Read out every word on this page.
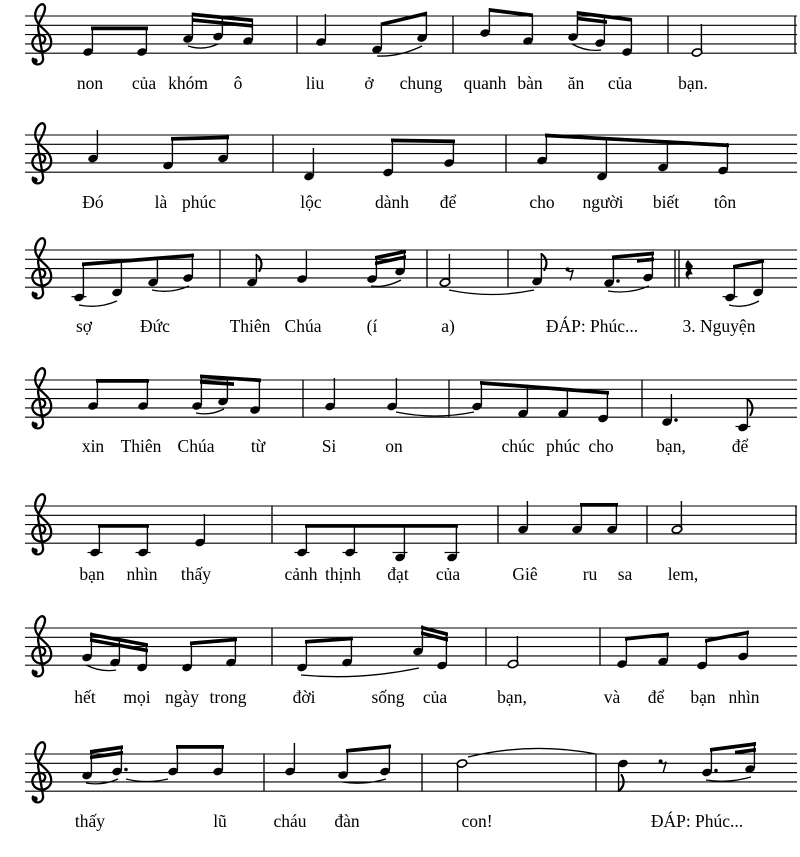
non của khóm ô	liu ở chung quanh bàn ăn của	bạn.
Đó	là phúc	lộc	dành để	cho người biết tôn
sợ	Đức	Thiên Chúa	(í	a)	ĐÁP: Phúc...	3. Nguyện
xin Thiên Chúa từ	Si	on	chúc phúc cho bạn,	để
bạn nhìn thấy	cảnh thịnh đạt của	Giê	ru sa lem,
hết mọi ngày trong	đời	sống của	bạn,	và để bạn nhìn
thấy	lũ	cháu đàn	con!	ĐÁP: Phúc...
